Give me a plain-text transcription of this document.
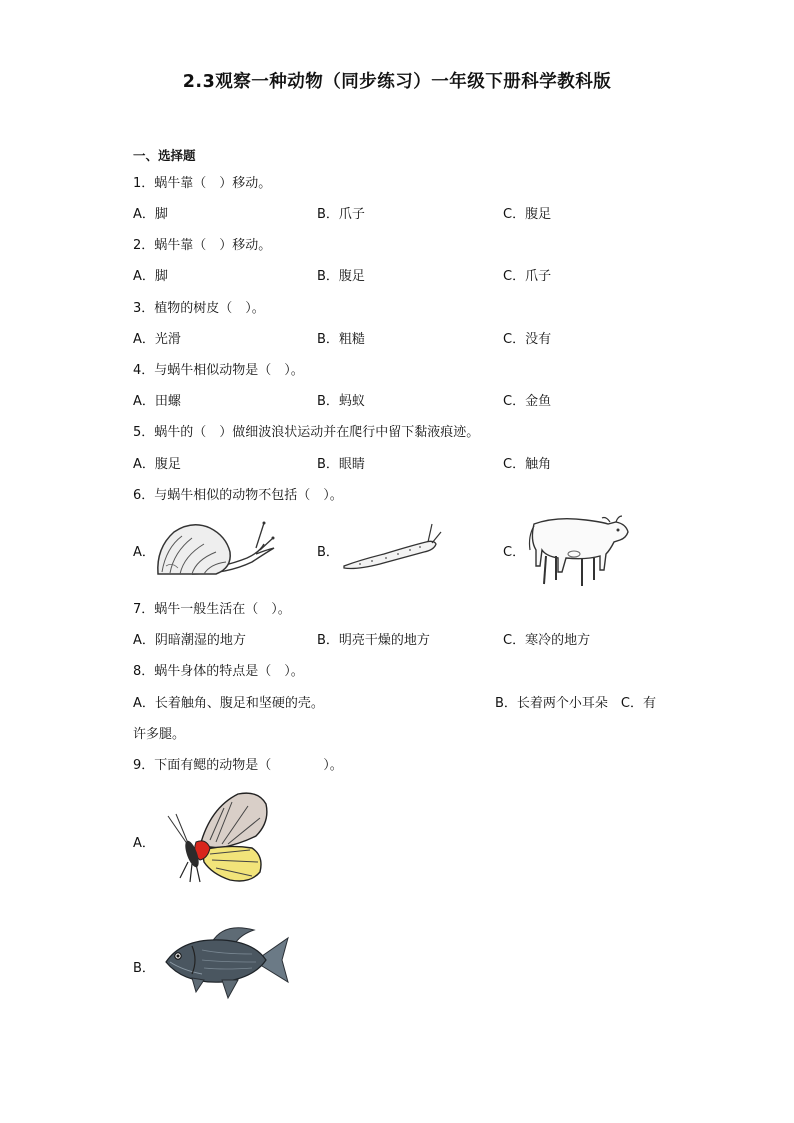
2.3观察一种动物（同步练习）一年级下册科学教科版
一、选择题
1．蜗牛靠（　）移动。
A．脚	B．爪子	C．腹足
2．蜗牛靠（　）移动。
A．脚	B．腹足	C．爪子
3．植物的树皮（　）。
A．光滑	B．粗糙	C．没有
4．与蜗牛相似动物是（　）。
A．田螺	B．蚂蚁	C．金鱼
5．蜗牛的（　）做细波浪状运动并在爬行中留下黏液痕迹。
A．腹足	B．眼睛	C．触角
6．与蜗牛相似的动物不包括（　）。
A．	B．	C．
7．蜗牛一般生活在（　）。
A．阴暗潮湿的地方	B．明亮干燥的地方	C．寒冷的地方
8．蜗牛身体的特点是（　）。
A．长着触角、腹足和坚硬的壳。	B．长着两个小耳朵　C．有
许多腿。
9．下面有鳃的动物是（　　　　）。
A．
B．
